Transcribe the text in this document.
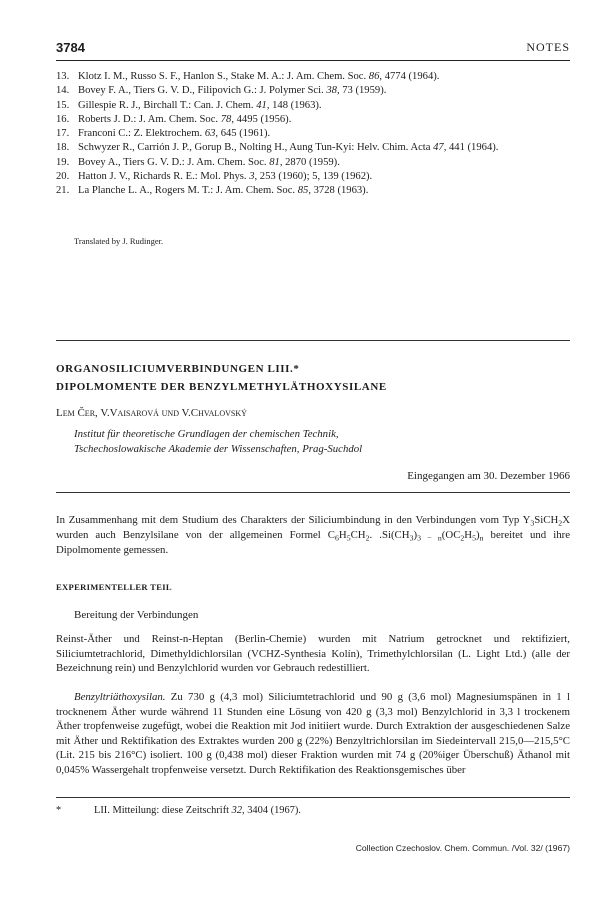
3784	NOTES
13. Klotz I. M., Russo S. F., Hanlon S., Stake M. A.: J. Am. Chem. Soc. 86, 4774 (1964).
14. Bovey F. A., Tiers G. V. D., Filipovich G.: J. Polymer Sci. 38, 73 (1959).
15. Gillespie R. J., Birchall T.: Can. J. Chem. 41, 148 (1963).
16. Roberts J. D.: J. Am. Chem. Soc. 78, 4495 (1956).
17. Franconi C.: Z. Elektrochem. 63, 645 (1961).
18. Schwyzer R., Carrión J. P., Gorup B., Nolting H., Aung Tun-Kyi: Helv. Chim. Acta 47, 441 (1964).
19. Bovey A., Tiers G. V. D.: J. Am. Chem. Soc. 81, 2870 (1959).
20. Hatton J. V., Richards R. E.: Mol. Phys. 3, 253 (1960); 5, 139 (1962).
21. La Planche L. A., Rogers M. T.: J. Am. Chem. Soc. 85, 3728 (1963).
Translated by J. Rudinger.
ORGANOSILICIUMVERBINDUNGEN LIII.*
DIPOLMOMENTE DER BENZYLMETHYLÄTHOXYSILANE
Lem Čer, V.Vaisarová und V.Chvalovský
Institut für theoretische Grundlagen der chemischen Technik,
Tschechoslowakische Akademie der Wissenschaften, Prag-Suchdol
Eingegangen am 30. Dezember 1966
In Zusammenhang mit dem Studium des Charakters der Siliciumbindung in den Verbindungen vom Typ $Y_3SiCH_2X$ wurden auch Benzylsilane von der allgemeinen Formel $C_6H_5CH_2$. $.Si(CH_3)_{3 - n}(OC_2H_5)_n$ bereitet und ihre Dipolmomente gemessen.
EXPERIMENTELLER TEIL
Bereitung der Verbindungen
Reinst-Äther und Reinst-n-Heptan (Berlin-Chemie) wurden mit Natrium getrocknet und rektifiziert, Siliciumtetrachlorid, Dimethyldichlorsilan (VCHZ-Synthesia Kolín), Trimethylchlorsilan (L. Light Ltd.) (alle der Bezeichnung rein) und Benzylchlorid wurden vor Gebrauch redestilliert.
Benzyltriäthoxysilan. Zu 730 g (4,3 mol) Siliciumtetrachlorid und 90 g (3,6 mol) Magnesiumspänen in 1 l trocknenem Äther wurde während 11 Stunden eine Lösung von 420 g (3,3 mol) Benzylchlorid in 3,3 l trockenem Äther tropfenweise zugefügt, wobei die Reaktion mit Jod initiiert wurde. Durch Extraktion der ausgeschiedenen Salze mit Äther und Rektifikation des Extraktes wurden 200 g (22%) Benzyltrichlorsilan im Siedeintervall 215,0—215,5°C (Lit. 215 bis 216°C) isoliert. 100 g (0,438 mol) dieser Fraktion wurden mit 74 g (20%iger Überschuß) Äthanol mit 0,045% Wassergehalt tropfenweise versetzt. Durch Rektifikation des Reaktionsgemisches über
*	LII. Mitteilung: diese Zeitschrift 32, 3404 (1967).
Collection Czechoslov. Chem. Commun. /Vol. 32/ (1967)
